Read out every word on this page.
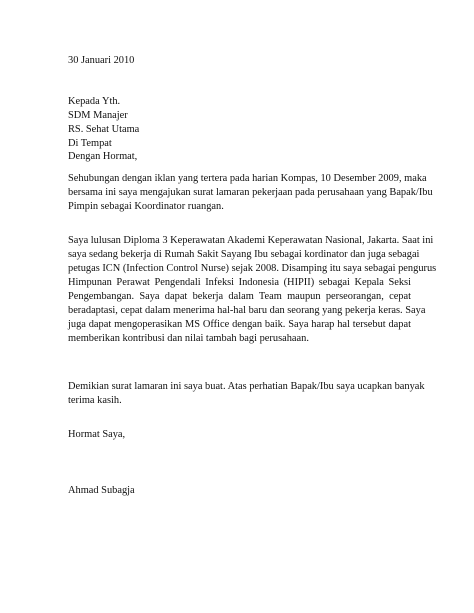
30 Januari 2010

Kepada Yth.
SDM Manajer
RS. Sehat Utama
Di Tempat

Dengan Hormat,

Sehubungan dengan iklan yang tertera pada harian Kompas, 10 Desember 2009, maka
bersama ini saya mengajukan surat lamaran pekerjaan pada perusahaan yang Bapak/Ibu
Pimpin sebagai Koordinator ruangan.

Saya lulusan Diploma 3 Keperawatan Akademi Keperawatan Nasional, Jakarta. Saat ini
saya sedang bekerja di Rumah Sakit Sayang Ibu sebagai kordinator dan juga sebagai
petugas ICN (Infection Control Nurse) sejak 2008. Disamping itu saya sebagai pengurus
Himpunan Perawat Pengendali Infeksi Indonesia (HIPII) sebagai Kepala Seksi
Pengembangan. Saya dapat bekerja dalam Team maupun perseorangan, cepat
beradaptasi, cepat dalam menerima hal-hal baru dan seorang yang pekerja keras. Saya
juga dapat mengoperasikan MS Office dengan baik. Saya harap hal tersebut dapat
memberikan kontribusi dan nilai tambah bagi perusahaan.

Demikian surat lamaran ini saya buat. Atas perhatian Bapak/Ibu saya ucapkan banyak
terima kasih.

Hormat Saya,

Ahmad Subagja
